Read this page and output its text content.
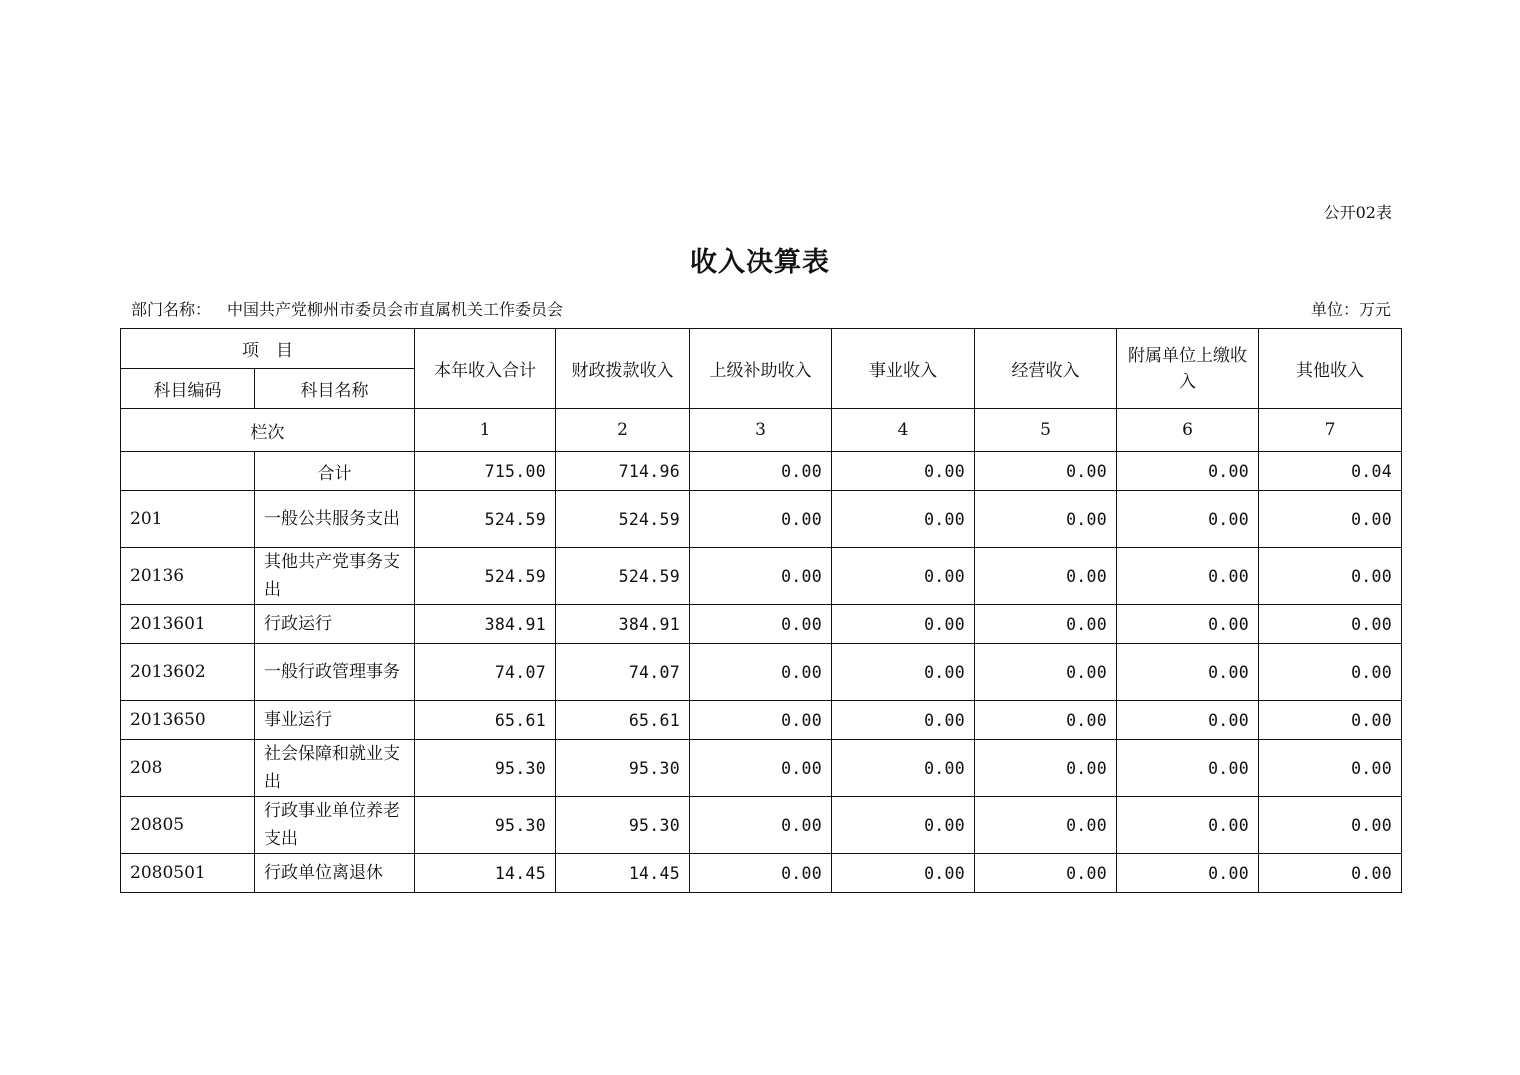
公开02表
收入决算表
部门名称： 中国共产党柳州市委员会市直属机关工作委员会	单位：万元
项　目		本年收入合计	财政拨款收入	上级补助收入	事业收入	经营收入	附属单位上缴收入	其他收入
科目编码	科目名称							
栏次		1	2	3	4	5	6	7
	合计	715.00	714.96	0.00	0.00	0.00	0.00	0.04
201	一般公共服务支出	524.59	524.59	0.00	0.00	0.00	0.00	0.00
20136	其他共产党事务支出	524.59	524.59	0.00	0.00	0.00	0.00	0.00
2013601	行政运行	384.91	384.91	0.00	0.00	0.00	0.00	0.00
2013602	一般行政管理事务	74.07	74.07	0.00	0.00	0.00	0.00	0.00
2013650	事业运行	65.61	65.61	0.00	0.00	0.00	0.00	0.00
208	社会保障和就业支出	95.30	95.30	0.00	0.00	0.00	0.00	0.00
20805	行政事业单位养老支出	95.30	95.30	0.00	0.00	0.00	0.00	0.00
2080501	行政单位离退休	14.45	14.45	0.00	0.00	0.00	0.00	0.00
